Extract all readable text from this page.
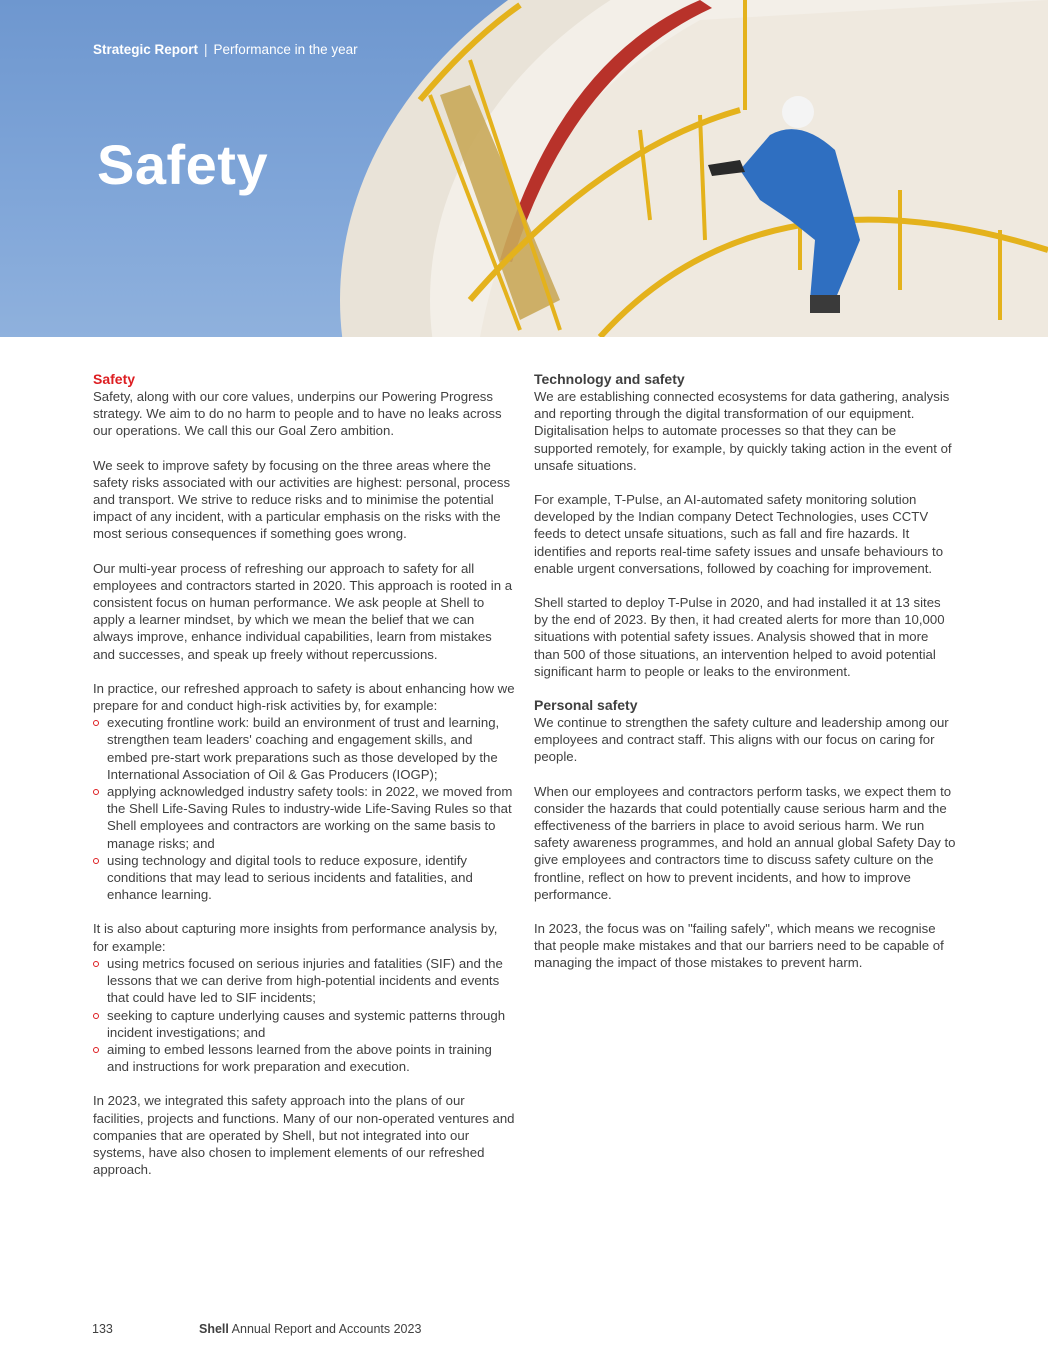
Strategic Report | Performance in the year
Safety
Safety

Safety, along with our core values, underpins our Powering Progress strategy. We aim to do no harm to people and to have no leaks across our operations. We call this our Goal Zero ambition.

We seek to improve safety by focusing on the three areas where the safety risks associated with our activities are highest: personal, process and transport. We strive to reduce risks and to minimise the potential impact of any incident, with a particular emphasis on the risks with the most serious consequences if something goes wrong.

Our multi-year process of refreshing our approach to safety for all employees and contractors started in 2020. This approach is rooted in a consistent focus on human performance. We ask people at Shell to apply a learner mindset, by which we mean the belief that we can always improve, enhance individual capabilities, learn from mistakes and successes, and speak up freely without repercussions.

In practice, our refreshed approach to safety is about enhancing how we prepare for and conduct high-risk activities by, for example:

executing frontline work: build an environment of trust and learning, strengthen team leaders' coaching and engagement skills, and embed pre-start work preparations such as those developed by the International Association of Oil & Gas Producers (IOGP);
applying acknowledged industry safety tools: in 2022, we moved from the Shell Life-Saving Rules to industry-wide Life-Saving Rules so that Shell employees and contractors are working on the same basis to manage risks; and
using technology and digital tools to reduce exposure, identify conditions that may lead to serious incidents and fatalities, and enhance learning.

It is also about capturing more insights from performance analysis by, for example:

using metrics focused on serious injuries and fatalities (SIF) and the lessons that we can derive from high-potential incidents and events that could have led to SIF incidents;
seeking to capture underlying causes and systemic patterns through incident investigations; and
aiming to embed lessons learned from the above points in training and instructions for work preparation and execution.

In 2023, we integrated this safety approach into the plans of our facilities, projects and functions. Many of our non-operated ventures and companies that are operated by Shell, but not integrated into our systems, have also chosen to implement elements of our refreshed approach.

Technology and safety

We are establishing connected ecosystems for data gathering, analysis and reporting through the digital transformation of our equipment. Digitalisation helps to automate processes so that they can be supported remotely, for example, by quickly taking action in the event of unsafe situations.

For example, T-Pulse, an AI-automated safety monitoring solution developed by the Indian company Detect Technologies, uses CCTV feeds to detect unsafe situations, such as fall and fire hazards. It identifies and reports real-time safety issues and unsafe behaviours to enable urgent conversations, followed by coaching for improvement.

Shell started to deploy T-Pulse in 2020, and had installed it at 13 sites by the end of 2023. By then, it had created alerts for more than 10,000 situations with potential safety issues. Analysis showed that in more than 500 of those situations, an intervention helped to avoid potential significant harm to people or leaks to the environment.

Personal safety

We continue to strengthen the safety culture and leadership among our employees and contract staff. This aligns with our focus on caring for people.

When our employees and contractors perform tasks, we expect them to consider the hazards that could potentially cause serious harm and the effectiveness of the barriers in place to avoid serious harm. We run safety awareness programmes, and hold an annual global Safety Day to give employees and contractors time to discuss safety culture on the frontline, reflect on how to prevent incidents, and how to improve performance.

In 2023, the focus was on "failing safely", which means we recognise that people make mistakes and that our barriers need to be capable of managing the impact of those mistakes to prevent harm.

133	Shell Annual Report and Accounts 2023
